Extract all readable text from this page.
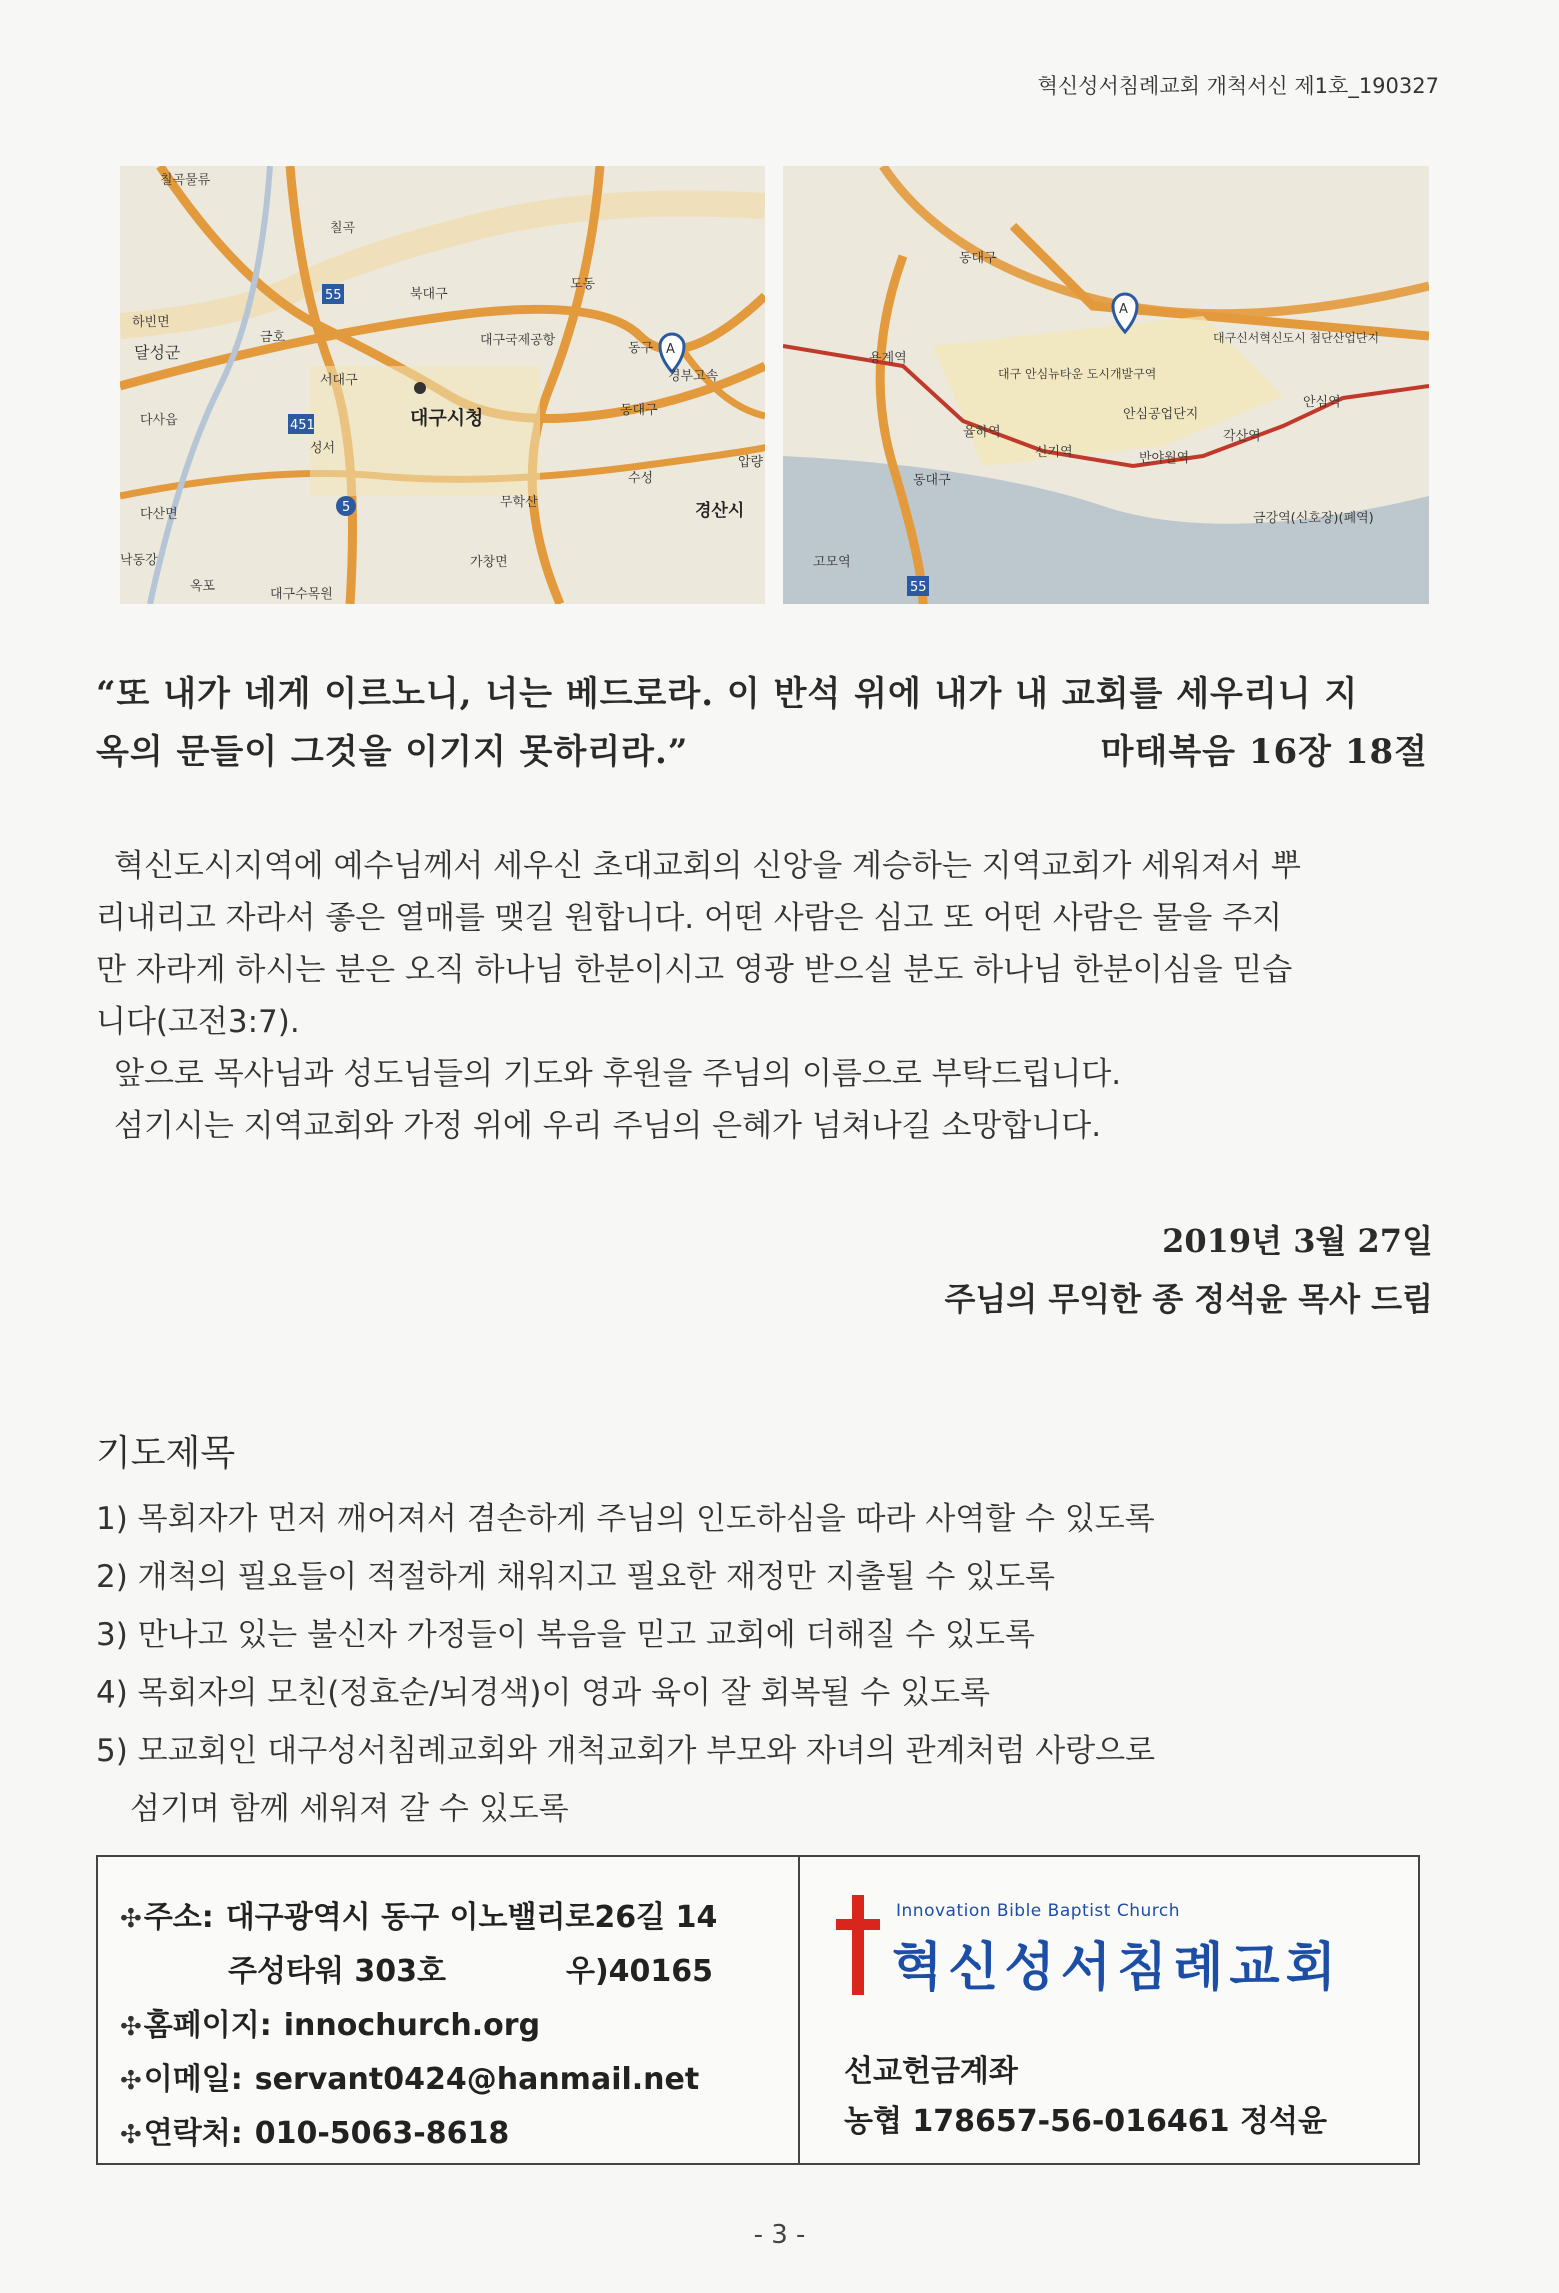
혁신성서침례교회 개척서신 제1호_190327
A
55
451
5
칠곡물류
칠곡
북대구
도동
하빈면
달성군
금호
서대구
대구국제공항
동구
다사읍
성서
대구시청	동대구
수성
무학산	경산시
다산면
낙동강
옥포
가창면
대구수목원
경부고속
압량
A
55
동대구
용계역
대구 안심뉴타운 도시개발구역
대구신서혁신도시 첨단산업단지
안심공업단지
율하역
신기역	반야월역
각산역
안심역
동대구
금강역(신호장)(폐역)
고모역
“또 내가 네게 이르노니, 너는 베드로라. 이 반석 위에 내가 내 교회를 세우리니 지
옥의 문들이 그것을 이기지 못하리라.”	마태복음 16장 18절
혁신도시지역에 예수님께서 세우신 초대교회의 신앙을 계승하는 지역교회가 세워져서 뿌
리내리고 자라서 좋은 열매를 맺길 원합니다. 어떤 사람은 심고 또 어떤 사람은 물을 주지
만 자라게 하시는 분은 오직 하나님 한분이시고 영광 받으실 분도 하나님 한분이심을 믿습
니다(고전3:7).

앞으로 목사님과 성도님들의 기도와 후원을 주님의 이름으로 부탁드립니다.

섬기시는 지역교회와 가정 위에 우리 주님의 은혜가 넘쳐나길 소망합니다.

2019년 3월 27일
주님의 무익한 종 정석윤 목사 드림
기도제목
1) 목회자가 먼저 깨어져서 겸손하게 주님의 인도하심을 따라 사역할 수 있도록
2) 개척의 필요들이 적절하게 채워지고 필요한 재정만 지출될 수 있도록
3) 만나고 있는 불신자 가정들이 복음을 믿고 교회에 더해질 수 있도록
4) 목회자의 모친(정효순/뇌경색)이 영과 육이 잘 회복될 수 있도록
5) 모교회인 대구성서침례교회와 개척교회가 부모와 자녀의 관계처럼 사랑으로
섬기며 함께 세워져 갈 수 있도록
✣주소: 대구광역시 동구 이노밸리로26길 14
주성타워 303호	우)40165
✣홈페이지: innochurch.org
✣이메일: servant0424@hanmail.net
✣연락처: 010-5063-8618
Innovation Bible Baptist Church
혁신성서침례교회
선교헌금계좌
농협 178657-56-016461 정석윤
- 3 -
